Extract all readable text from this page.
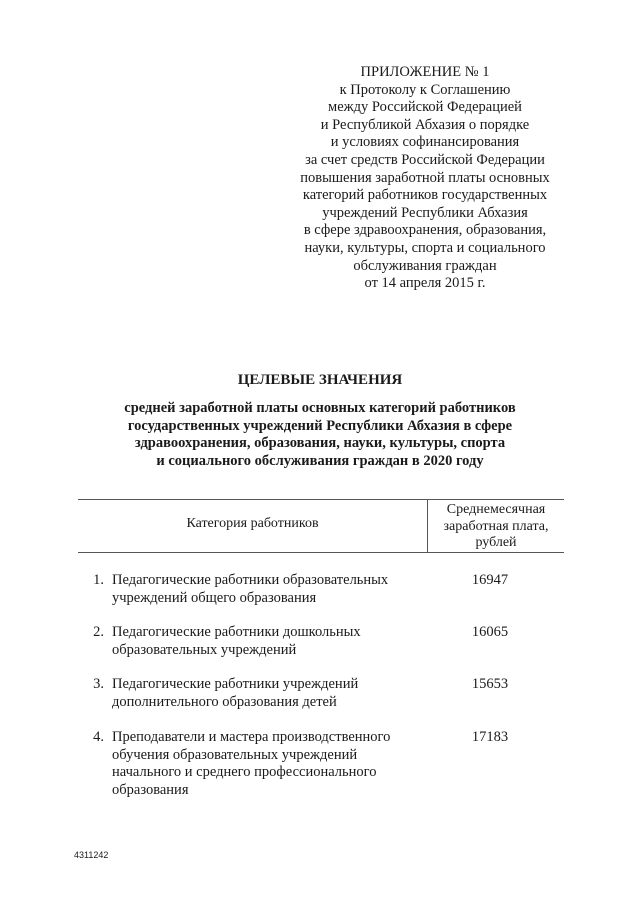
ПРИЛОЖЕНИЕ № 1
к Протоколу к Соглашению
между Российской Федерацией
и Республикой Абхазия о порядке
и условиях софинансирования
за счет средств Российской Федерации
повышения заработной платы основных
категорий работников государственных
учреждений Республики Абхазия
в сфере здравоохранения, образования,
науки, культуры, спорта и социального
обслуживания граждан
от 14 апреля 2015 г.
ЦЕЛЕВЫЕ ЗНАЧЕНИЯ
средней заработной платы основных категорий работников
государственных учреждений Республики Абхазия в сфере
здравоохранения, образования, науки, культуры, спорта
и социального обслуживания граждан в 2020 году
Категория работников
Среднемесячная
заработная плата,
рублей
1. Педагогические работники образовательных
учреждений общего образования
16947
2. Педагогические работники дошкольных
образовательных учреждений
16065
3. Педагогические работники учреждений
дополнительного образования детей
15653
4. Преподаватели и мастера производственного
обучения образовательных учреждений
начального и среднего профессионального
образования
17183
4311242
